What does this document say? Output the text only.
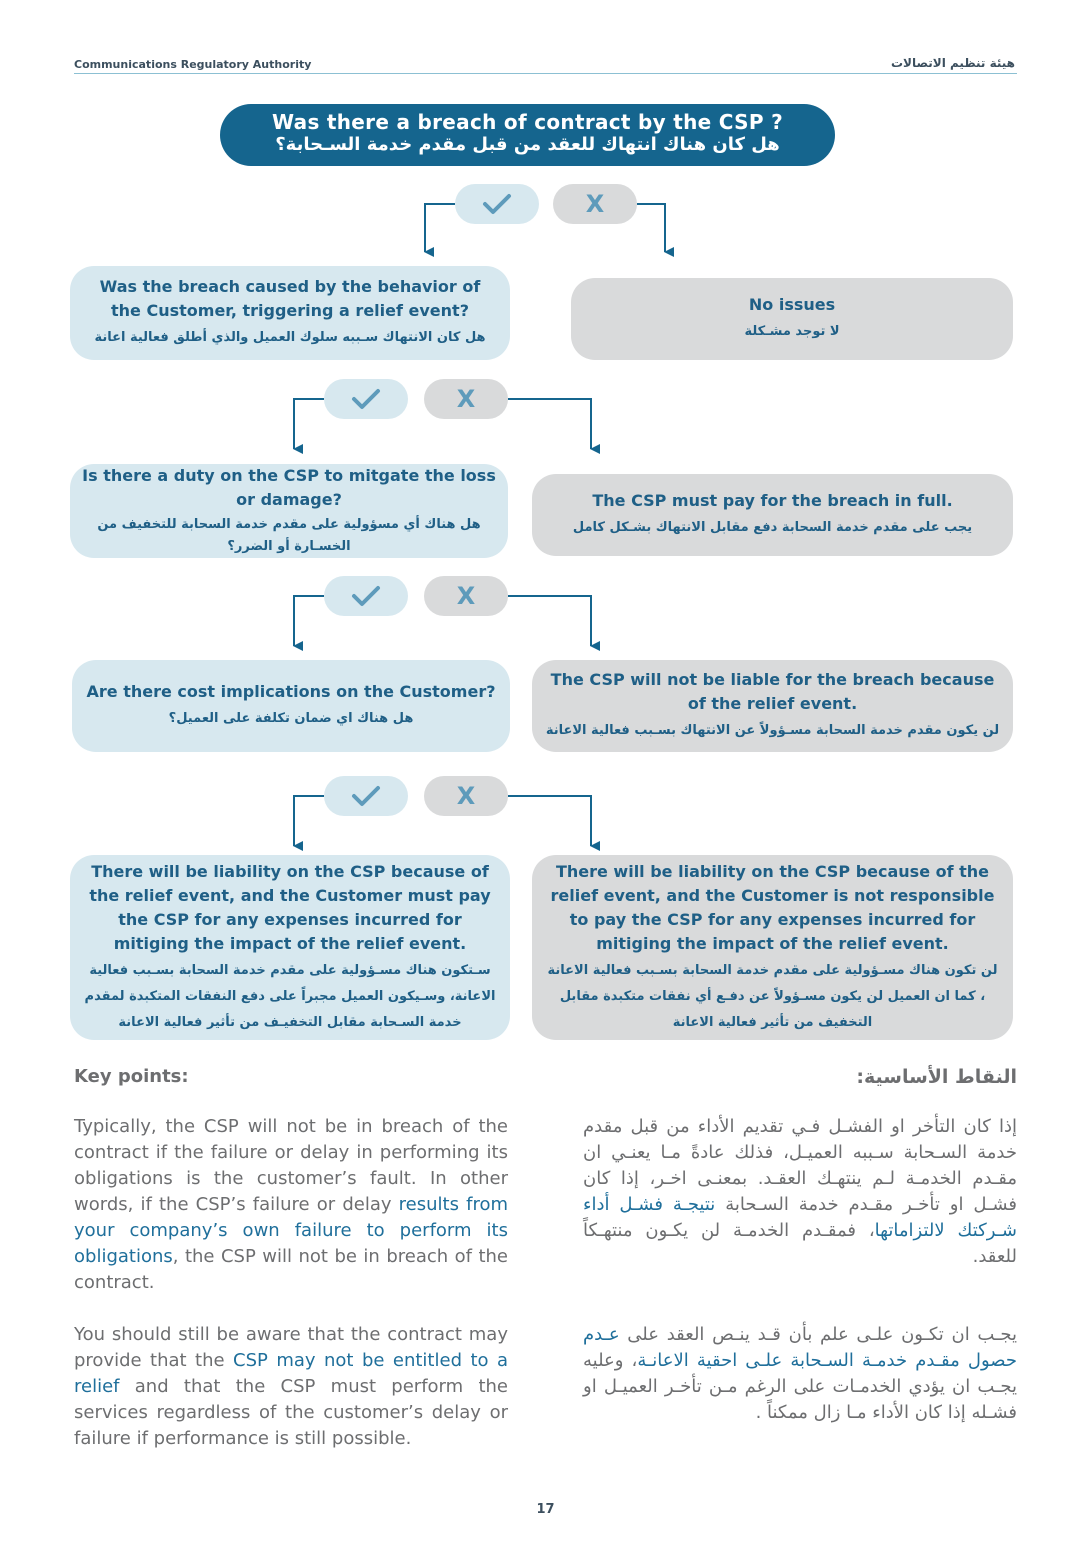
Communications Regulatory Authority	هيئة تنظيم الاتصالات
Was there a breach of contract by the CSP ?
هل كان هناك انتهاك للعقد من قبل مقدم خدمة السـحابة؟
X
X
X
X
Was the breach caused by the behavior of the Customer, triggering a relief event?
هل كان الانتهاك سـببه سلوك العميل والذي أطلق فعالية اعانة
No issues
لا توجد مشـكلة
Is there a duty on the CSP to mitgate the loss or damage?
هل هناك أي مسؤولية على مقدم خدمة السحابة للتخفيف من الخسـارة أو الضرر؟
The CSP must pay for the breach in full.
يجب على مقدم خدمة السحابة دفع مقابل الانتهاك بشـكل كامل
Are there cost implications on the Customer?
هل هناك اي ضمان تكلفة على العميل؟
The CSP will not be liable for the breach because of the relief event.
لن يكون مقدم خدمة السحابة مسـؤولاً عن الانتهاك بسـبب فعالية الاعانة
There will be liability on the CSP because of the relief event, and the Customer must pay the CSP for any expenses incurred for mitiging the impact of the relief event.
سـتكون هناك مسـؤولية على مقدم خدمة السحابة بسـبب فعالية الاعانة، وسـيكون العميل مجبراً على دفع النفقات المتكبدة لمقدم خدمة السـحابة مقابل التخفيـف من تأثير فعالية الاعانة
There will be liability on the CSP because of the relief event, and the Customer is not responsible to pay the CSP for any expenses incurred for mitiging the impact of the relief event.
لن تكون هناك مسـؤولية على مقدم خدمة السحابة بسـبب فعالية الاعانة ، كما ان العميل لن يكون مسـؤولاً عن دفـع أي نفقات متكبدة مقابل التخفيف من تأثير فعالية الاعانة
Key points:	النقاط الأساسية:
Typically, the CSP will not be in breach of the contract if the failure or delay in performing its obligations is the customer’s fault. In other words, if the CSP’s failure or delay results from your company’s own failure to perform its obligations, the CSP will not be in breach of the contract.
You should still be aware that the contract may provide that the CSP may not be entitled to a relief and that the CSP must perform the services regardless of the customer’s delay or failure if performance is still possible.
إذا كان التأخر او الفشـل فـي تقديم الأداء من قبل مقدم خدمة السـحابة سـببه العميـل، فذلك عادةً مـا يعنـي ان مقـدم الخدمـة لـم ينتهـك العقـد. بمعنـى اخـر، إذا كان فشـل او تأخـر مقـدم خدمة السـحابة نتيجـة فشـل أداء شـركتك لالتزاماتها، فمقـدم الخدمـة لن يكـون منتهـكاً للعقد.
يجـب ان تكـون علـى علم بأن قـد ينـص العقد على عـدم حصول مقـدم خدمـة السـحابة علـى احقية الاعانـة، وعليه يجـب ان يؤدي الخدمـات على الرغم مـن تأخـر العميـل او فشـله إذا كان الأداء مـا زال ممكناً .
17
